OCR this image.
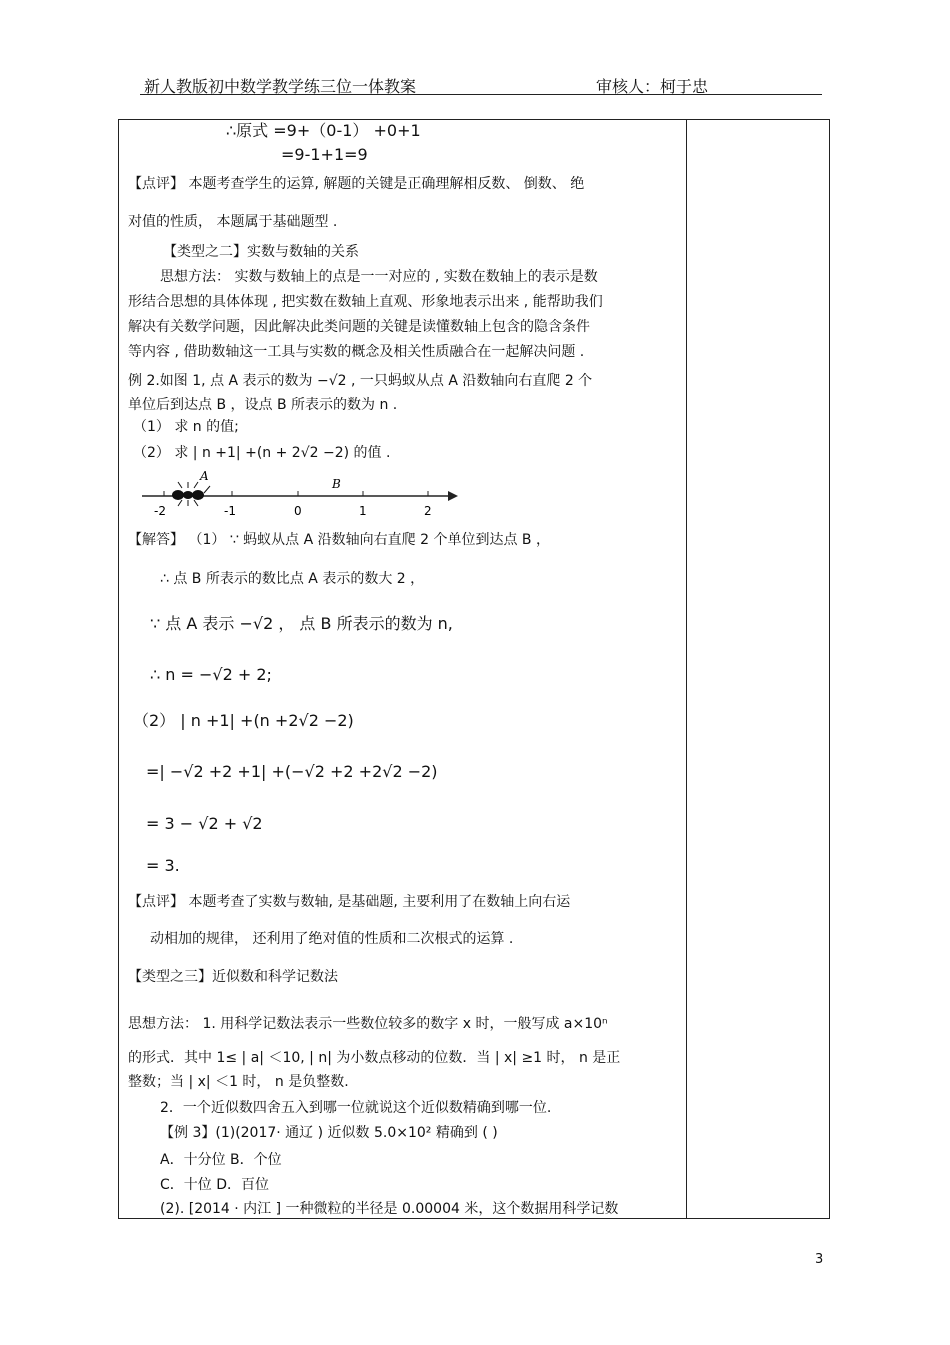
新人教版初中数学教学练三位一体教案	审核人：柯于忠
∴原式 =9+（0-1） +0+1
=9-1+1=9
【点评】 本题考查学生的运算, 解题的关键是正确理解相反数、 倒数、 绝
对值的性质， 本题属于基础题型 .
【类型之二】实数与数轴的关系
思想方法： 实数与数轴上的点是一一对应的 , 实数在数轴上的表示是数
形结合思想的具体体现 , 把实数在数轴上直观、形象地表示出来 , 能帮助我们
解决有关数学问题，因此解决此类问题的关键是读懂数轴上包含的隐含条件
等内容 , 借助数轴这一工具与实数的概念及相关性质融合在一起解决问题 .
例 2.如图 1, 点 A 表示的数为 −√2 , 一只蚂蚁从点 A 沿数轴向右直爬 2 个
单位后到达点 B ，设点 B 所表示的数为 n .
（1） 求 n 的值;
（2） 求 | n +1| +(n + 2√2 −2) 的值 .
-2	-1	0	1	2
A
B
【解答】 （1） ∵ 蚂蚁从点 A 沿数轴向右直爬 2 个单位到达点 B ，
∴ 点 B 所表示的数比点 A 表示的数大 2 ，
∵ 点 A 表示 −√2 ， 点 B 所表示的数为 n,
∴ n = −√2 + 2;
（2） | n +1| +(n +2√2 −2)
=| −√2 +2 +1| +(−√2 +2 +2√2 −2)
= 3 − √2 + √2
= 3.
【点评】 本题考查了实数与数轴, 是基础题, 主要利用了在数轴上向右运
动相加的规律， 还利用了绝对值的性质和二次根式的运算 .
【类型之三】近似数和科学记数法
思想方法： 1. 用科学记数法表示一些数位较多的数字 x 时，一般写成 a×10ⁿ
的形式．其中 1≤ | a| ＜10, | n| 为小数点移动的位数．当 | x| ≥1 时， n 是正
整数；当 | x| ＜1 时， n 是负整数.
2．一个近似数四舍五入到哪一位就说这个近似数精确到哪一位.
【例 3】(1)(2017· 通辽 ) 近似数 5.0×10² 精确到 ( )
A．十分位 B．个位
C．十位 D．百位
(2). [2014 · 内江 ] 一种微粒的半径是 0.00004 米，这个数据用科学记数
3
